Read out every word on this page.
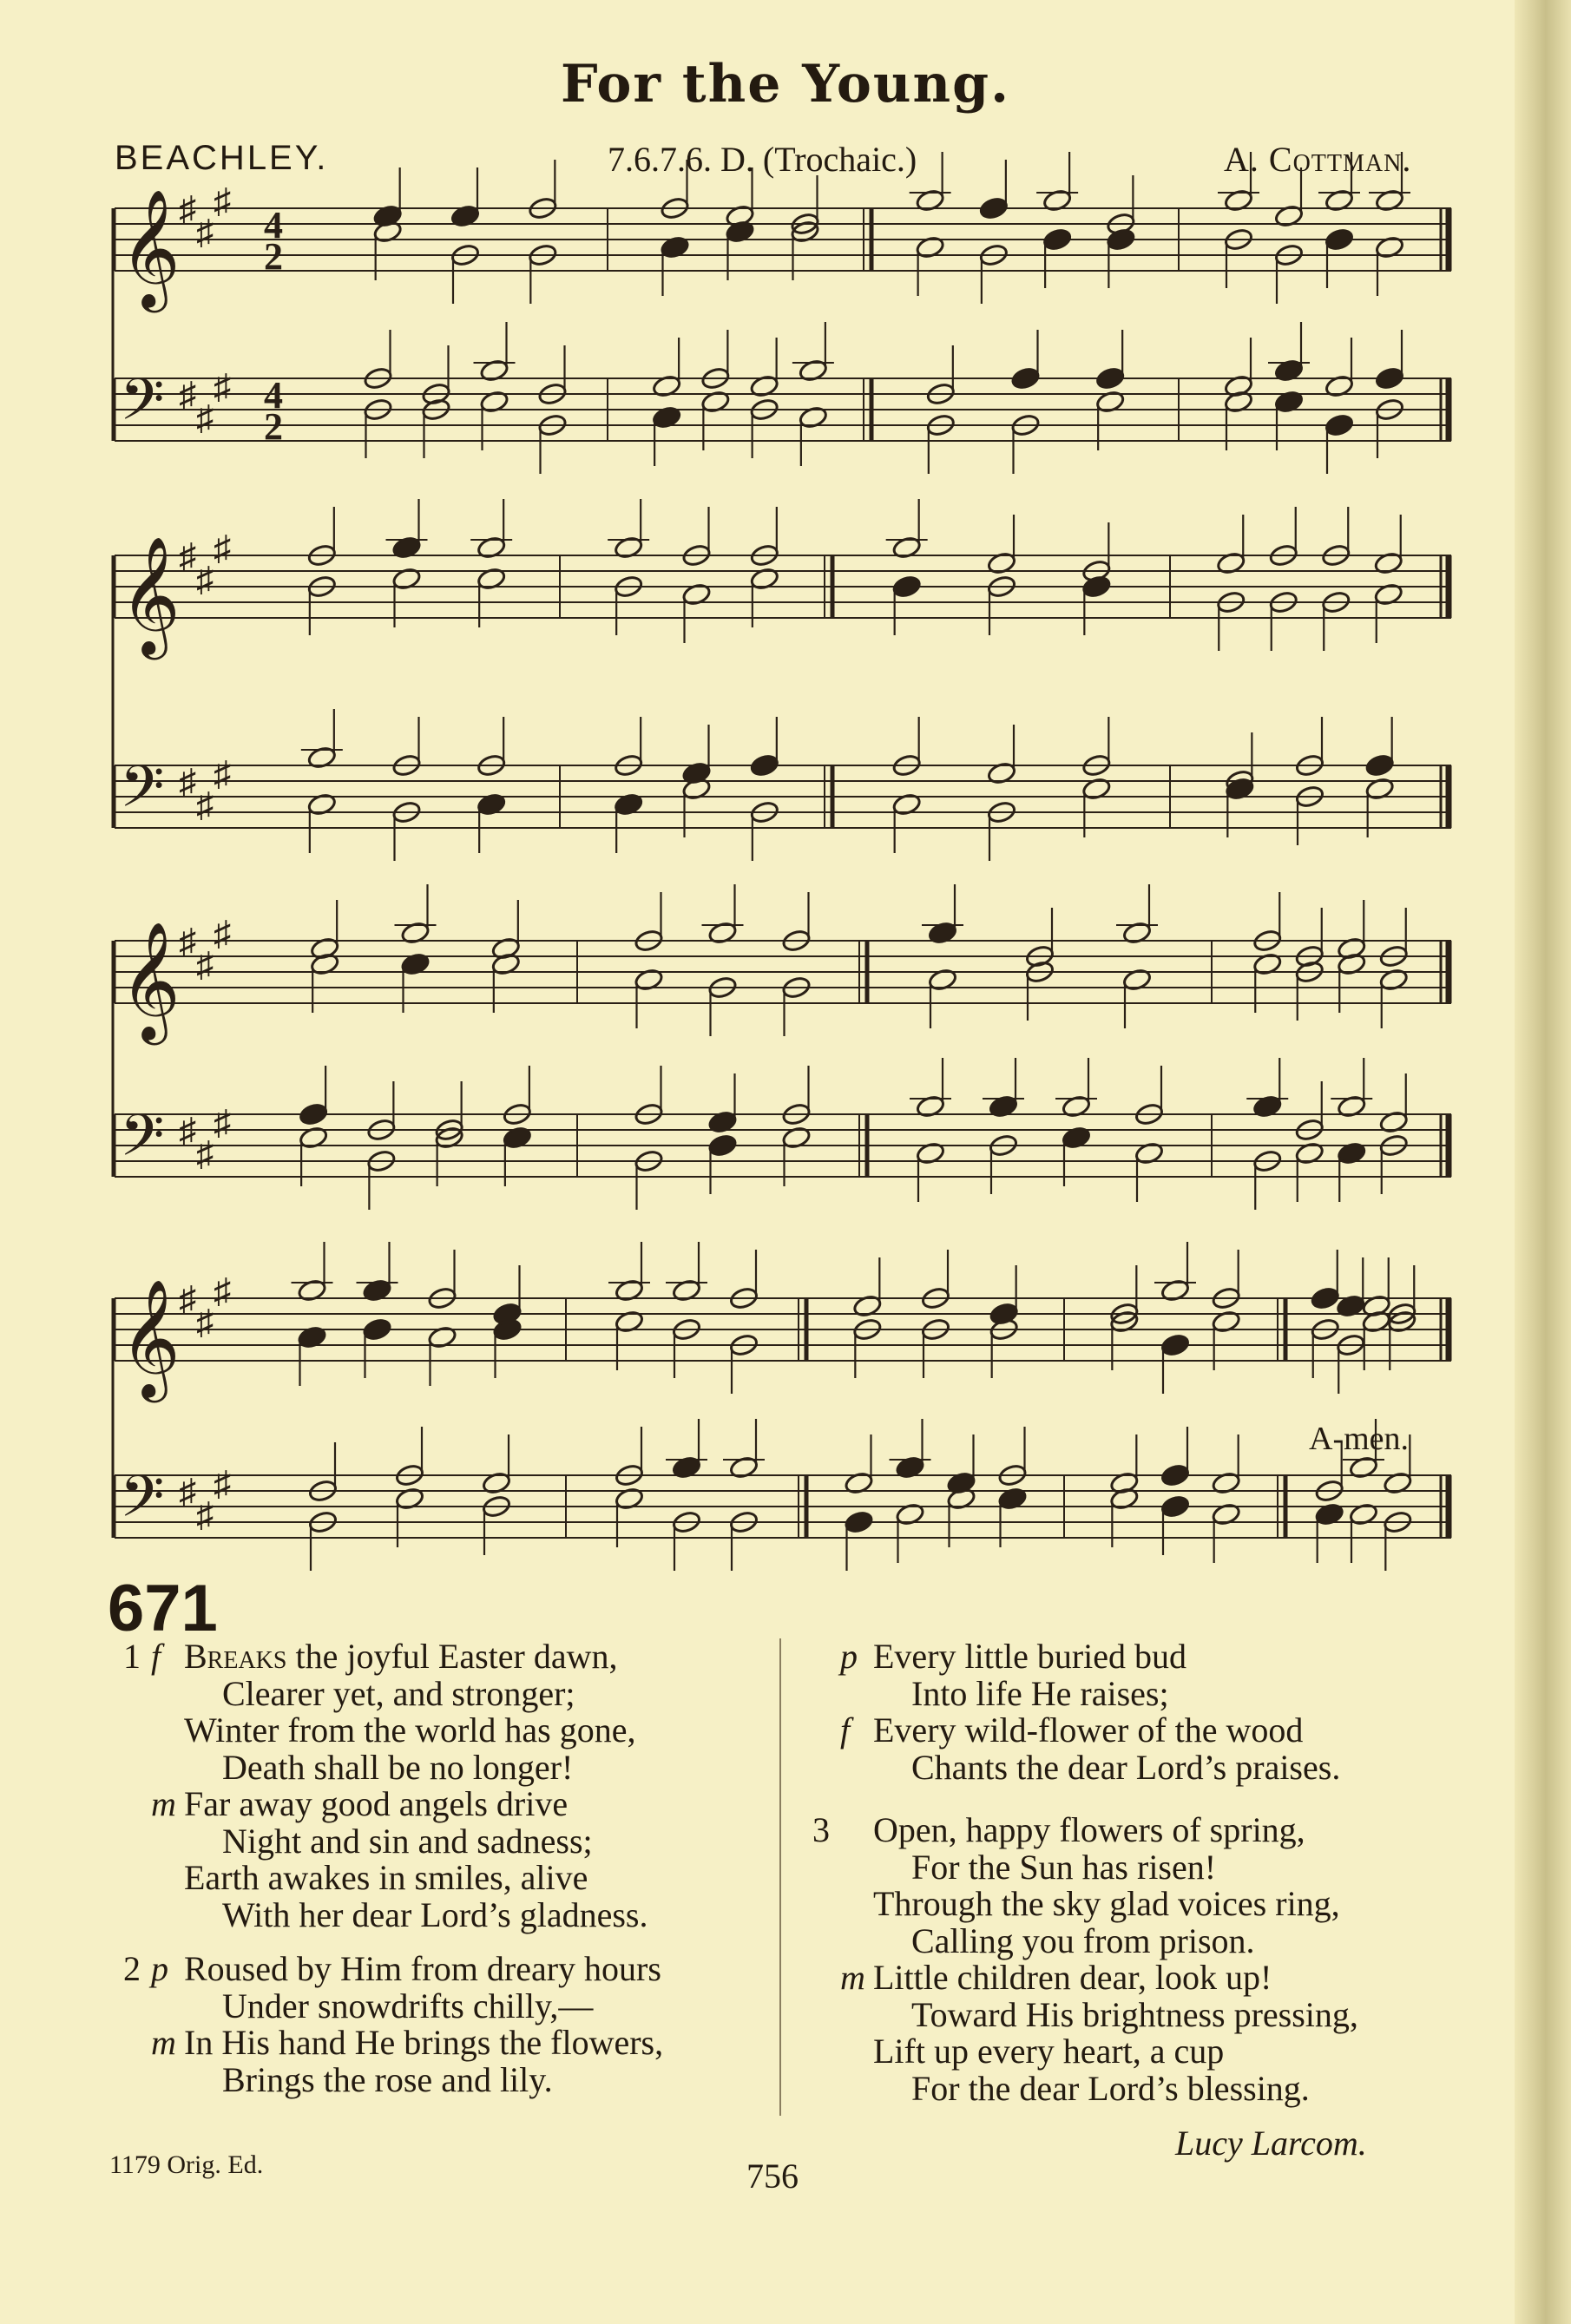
For the Young.
BEACHLEY.	7.6.7.6. D. (Trochaic.)	A. Cottman.
𝄞
♯
♯
♯
4
2
𝄢 ♯
♯
♯ 4
2
𝄞
♯
♯
♯
𝄢 ♯
♯
♯
𝄞
♯
♯
♯
𝄢 ♯
♯
♯
𝄞
♯
♯
♯
𝄢 ♯
♯
♯
A-men.
671
1 f Breaks the joyful Easter dawn,
Clearer yet, and stronger;
Winter from the world has gone,
Death shall be no longer!
m Far away good angels drive
Night and sin and sadness;
Earth awakes in smiles, alive
With her dear Lord’s gladness.
2 p Roused by Him from dreary hours
Under snowdrifts chilly,—
m In His hand He brings the flowers,
Brings the rose and lily.
p Every little buried bud
Into life He raises;
f Every wild-flower of the wood
Chants the dear Lord’s praises.
3 Open, happy flowers of spring,
For the Sun has risen!
Through the sky glad voices ring,
Calling you from prison.
m Little children dear, look up!
Toward His brightness pressing,
Lift up every heart, a cup
For the dear Lord’s blessing.
Lucy Larcom.
1179 Orig. Ed.	756
